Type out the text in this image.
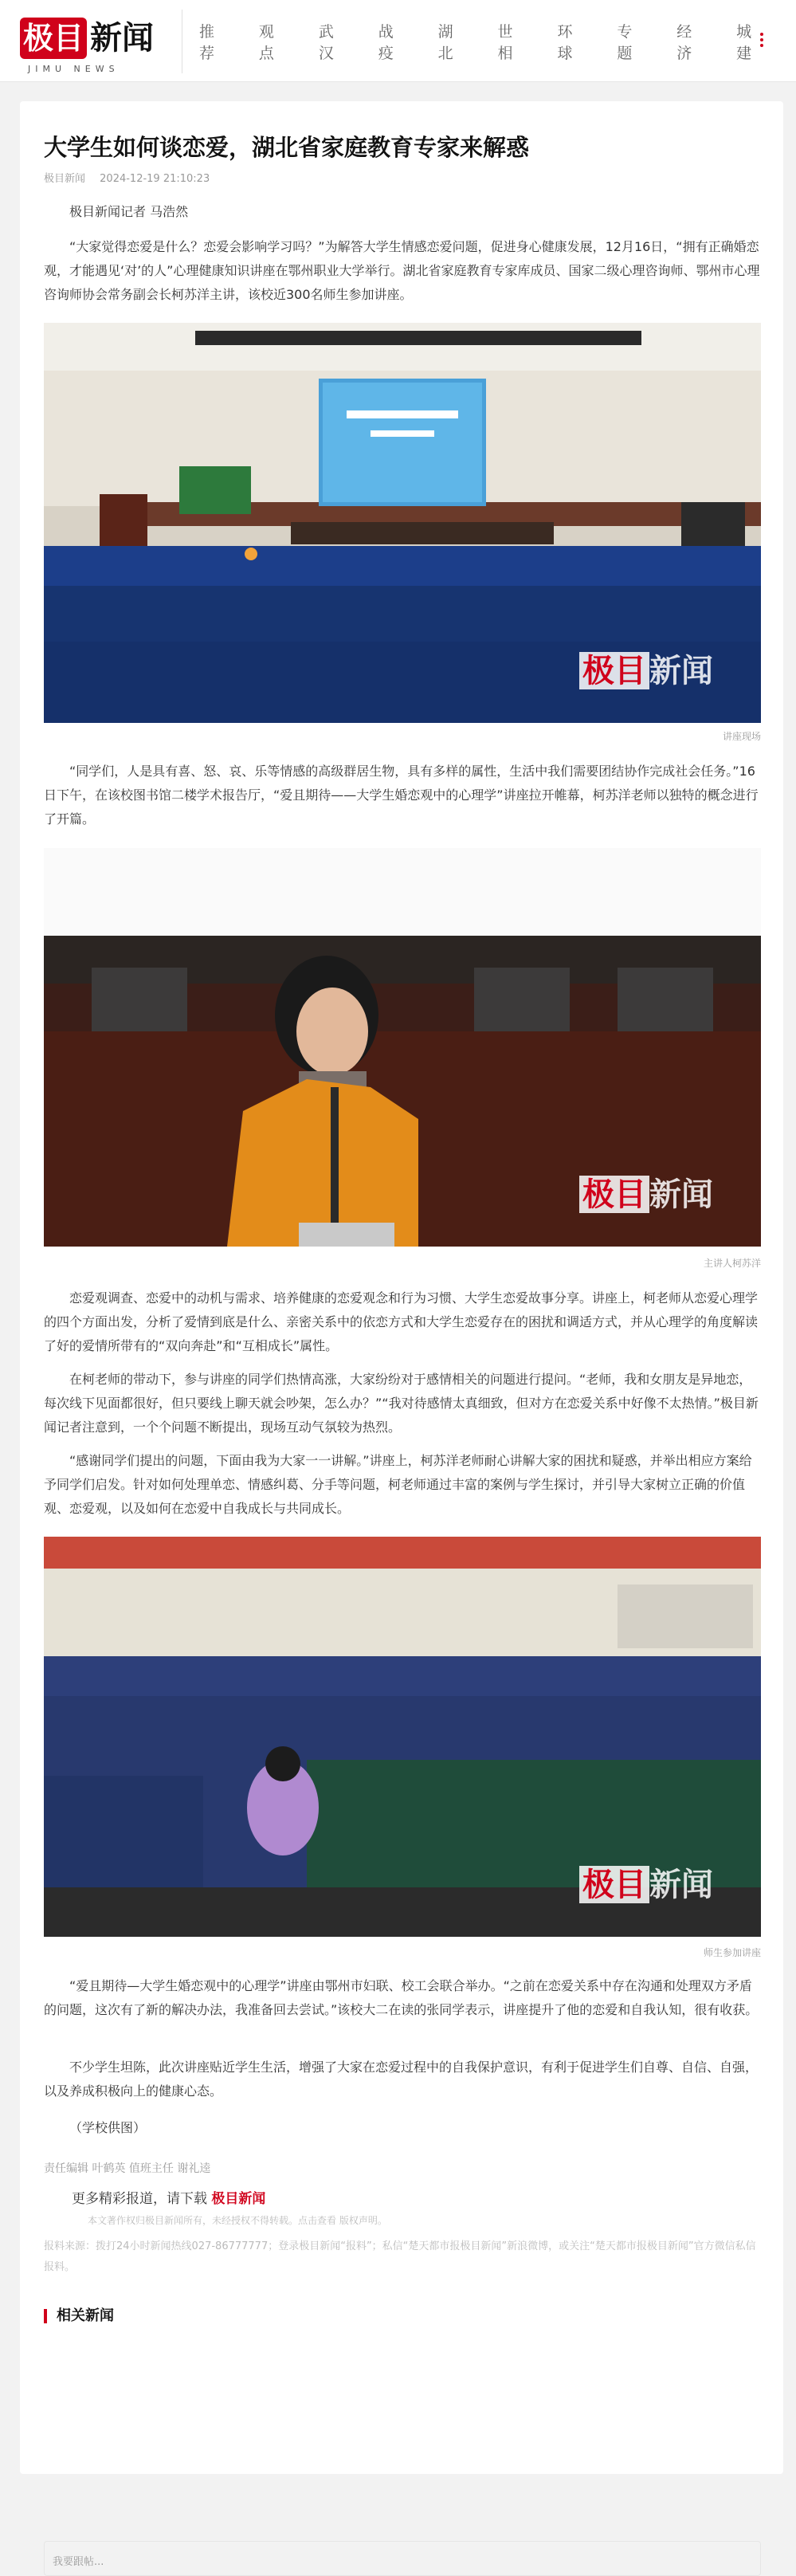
极目 新闻
JIMU NEWS
推荐
观点
武汉
战疫
湖北
世相
环球
专题
经济
城建
大学生如何谈恋爱，湖北省家庭教育专家来解惑
极目新闻 2024-12-19 21:10:23
极目新闻记者 马浩然
“大家觉得恋爱是什么？恋爱会影响学习吗？”为解答大学生情感恋爱问题，促进身心健康发展，12月16日，“拥有正确婚恋观，才能遇见‘对’的人”心理健康知识讲座在鄂州职业大学举行。湖北省家庭教育专家库成员、国家二级心理咨询师、鄂州市心理咨询师协会常务副会长柯苏洋主讲，该校近300名师生参加讲座。
极目 新闻
讲座现场
“同学们，人是具有喜、怒、哀、乐等情感的高级群居生物，具有多样的属性，生活中我们需要团结协作完成社会任务。”16日下午，在该校图书馆二楼学术报告厅，“爱且期待——大学生婚恋观中的心理学”讲座拉开帷幕，柯苏洋老师以独特的概念进行了开篇。
极目 新闻
主讲人柯苏洋
恋爱观调查、恋爱中的动机与需求、培养健康的恋爱观念和行为习惯、大学生恋爱故事分享。讲座上，柯老师从恋爱心理学的四个方面出发，分析了爱情到底是什么、亲密关系中的依恋方式和大学生恋爱存在的困扰和调适方式，并从心理学的角度解读了好的爱情所带有的“双向奔赴”和“互相成长”属性。
在柯老师的带动下，参与讲座的同学们热情高涨，大家纷纷对于感情相关的问题进行提问。“老师，我和女朋友是异地恋，每次线下见面都很好，但只要线上聊天就会吵架，怎么办？”“我对待感情太真细致，但对方在恋爱关系中好像不太热情。”极目新闻记者注意到，一个个问题不断提出，现场互动气氛较为热烈。
“感谢同学们提出的问题，下面由我为大家一一讲解。”讲座上，柯苏洋老师耐心讲解大家的困扰和疑惑，并举出相应方案给予同学们启发。针对如何处理单恋、情感纠葛、分手等问题，柯老师通过丰富的案例与学生探讨，并引导大家树立正确的价值观、恋爱观，以及如何在恋爱中自我成长与共同成长。
极目 新闻
师生参加讲座
“爱且期待—大学生婚恋观中的心理学”讲座由鄂州市妇联、校工会联合举办。“之前在恋爱关系中存在沟通和处理双方矛盾的问题，这次有了新的解决办法，我准备回去尝试。”该校大二在读的张同学表示，讲座提升了他的恋爱和自我认知，很有收获。
不少学生坦陈，此次讲座贴近学生生活，增强了大家在恋爱过程中的自我保护意识，有利于促进学生们自尊、自信、自强，以及养成积极向上的健康心态。
（学校供图）
责任编辑 叶鹤英 值班主任 谢礼逵
更多精彩报道，请下载 极目新闻
本文著作权归极目新闻所有，未经授权不得转载。点击查看 版权声明。
报料来源：拨打24小时新闻热线027-86777777；登录极目新闻“报料”；私信“楚天都市报极目新闻”新浪微博，或关注“楚天都市报极目新闻”官方微信私信报料。
相关新闻
我要跟帖...
